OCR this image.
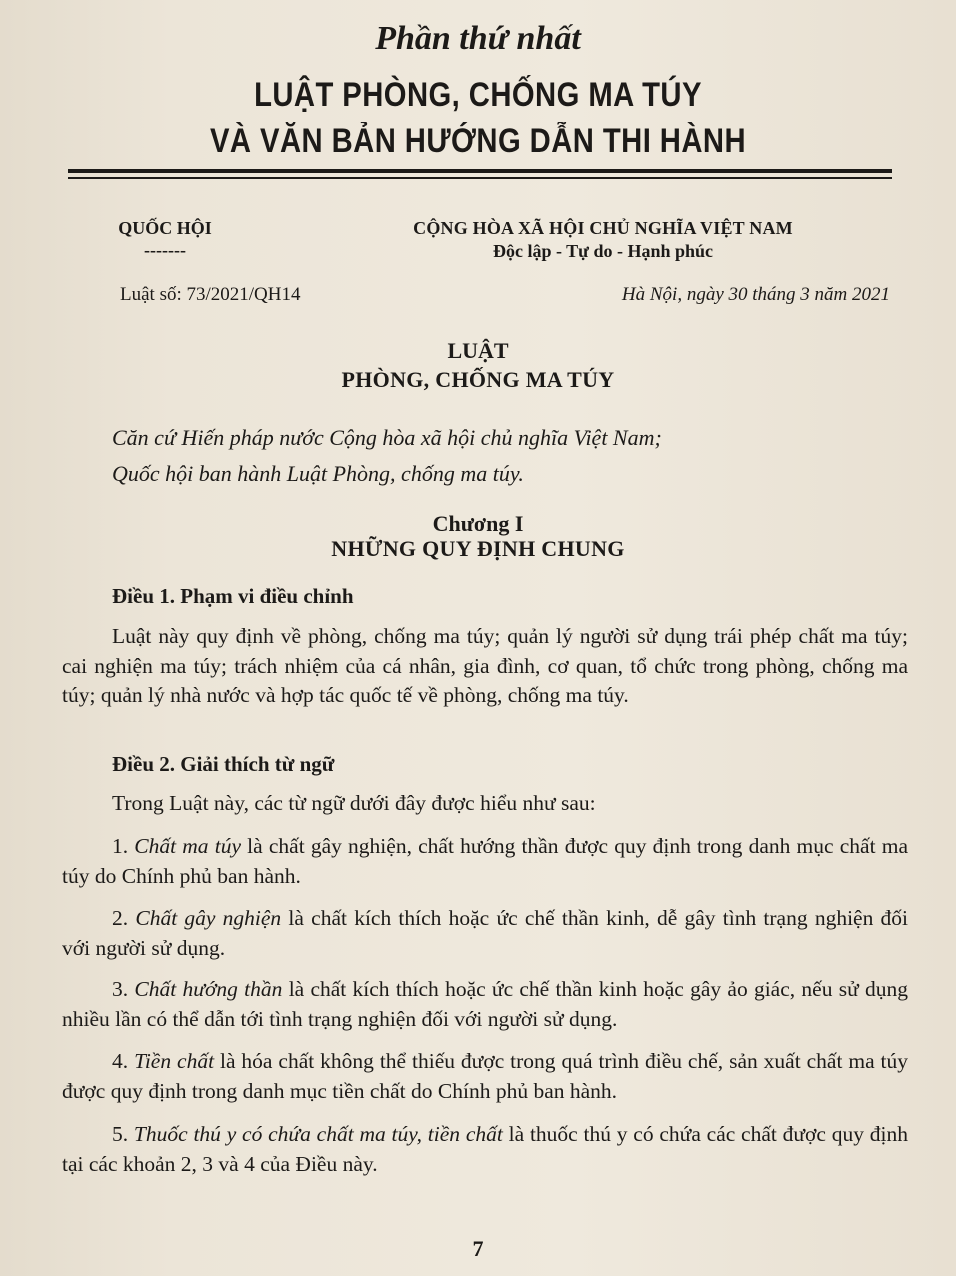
Phần thứ nhất
LUẬT PHÒNG, CHỐNG MA TÚY
VÀ VĂN BẢN HƯỚNG DẪN THI HÀNH
QUỐC HỘI
-------
CỘNG HÒA XÃ HỘI CHỦ NGHĨA VIỆT NAM
Độc lập - Tự do - Hạnh phúc
Luật số: 73/2021/QH14	Hà Nội, ngày 30 tháng 3 năm 2021
LUẬT
PHÒNG, CHỐNG MA TÚY
Căn cứ Hiến pháp nước Cộng hòa xã hội chủ nghĩa Việt Nam;
Quốc hội ban hành Luật Phòng, chống ma túy.
Chương I
NHỮNG QUY ĐỊNH CHUNG
Điều 1. Phạm vi điều chỉnh
Luật này quy định về phòng, chống ma túy; quản lý người sử dụng trái phép chất ma túy; cai nghiện ma túy; trách nhiệm của cá nhân, gia đình, cơ quan, tổ chức trong phòng, chống ma túy; quản lý nhà nước và hợp tác quốc tế về phòng, chống ma túy.
Điều 2. Giải thích từ ngữ
Trong Luật này, các từ ngữ dưới đây được hiểu như sau:
1. Chất ma túy là chất gây nghiện, chất hướng thần được quy định trong danh mục chất ma túy do Chính phủ ban hành.
2. Chất gây nghiện là chất kích thích hoặc ức chế thần kinh, dễ gây tình trạng nghiện đối với người sử dụng.
3. Chất hướng thần là chất kích thích hoặc ức chế thần kinh hoặc gây ảo giác, nếu sử dụng nhiều lần có thể dẫn tới tình trạng nghiện đối với người sử dụng.
4. Tiền chất là hóa chất không thể thiếu được trong quá trình điều chế, sản xuất chất ma túy được quy định trong danh mục tiền chất do Chính phủ ban hành.
5. Thuốc thú y có chứa chất ma túy, tiền chất là thuốc thú y có chứa các chất được quy định tại các khoản 2, 3 và 4 của Điều này.
7
